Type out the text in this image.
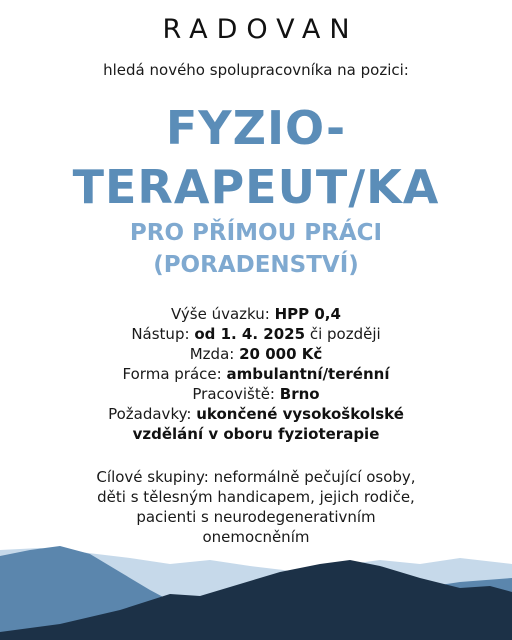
RADOVAN
hledá nového spolupracovníka na pozici:
FYZIO-
TERAPEUT/KA
PRO PŘÍMOU PRÁCI
(PORADENSTVÍ)
Výše úvazku: HPP 0,4
Nástup: od 1. 4. 2025 či později
Mzda: 20 000 Kč
Forma práce: ambulantní/terénní
Pracoviště: Brno
Požadavky: ukončené vysokoškolské
vzdělání v oboru fyzioterapie
Cílové skupiny: neformálně pečující osoby,
děti s tělesným handicapem, jejich rodiče,
pacienti s neurodegenerativním
onemocněním
